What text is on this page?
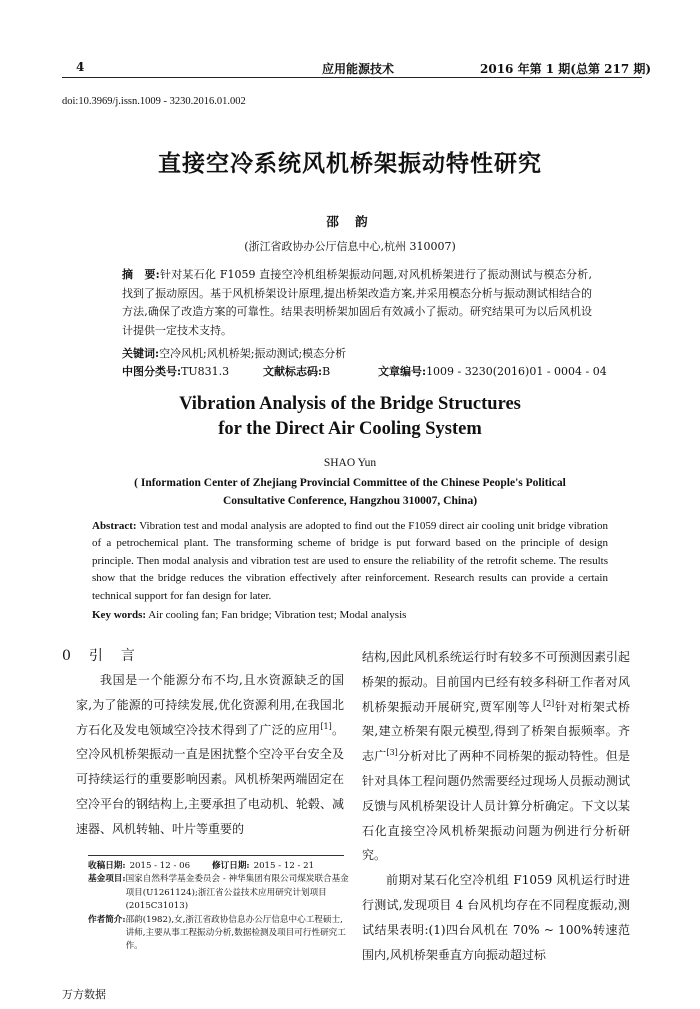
4	应用能源技术	2016 年第 1 期(总第 217 期)
doi:10.3969/j.issn.1009 - 3230.2016.01.002
直接空冷系统风机桥架振动特性研究
邵 韵
(浙江省政协办公厅信息中心,杭州 310007)
摘　要:针对某石化 F1059 直接空冷机组桥架振动问题,对风机桥架进行了振动测试与模态分析,找到了振动原因。基于风机桥架设计原理,提出桥架改造方案,并采用模态分析与振动测试相结合的方法,确保了改造方案的可靠性。结果表明桥架加固后有效减小了振动。研究结果可为以后风机设计提供一定技术支持。
关键词:空冷风机;风机桥架;振动测试;模态分析
中图分类号:TU831.3	文献标志码:B	文章编号:1009 - 3230(2016)01 - 0004 - 04
Vibration Analysis of the Bridge Structures
for the Direct Air Cooling System
SHAO Yun
( Information Center of Zhejiang Provincial Committee of the Chinese People's Political Consultative Conference, Hangzhou 310007, China)
Abstract: Vibration test and modal analysis are adopted to find out the F1059 direct air cooling unit bridge vibration of a petrochemical plant. The transforming scheme of bridge is put forward based on the principle of design principle. Then modal analysis and vibration test are used to ensure the reliability of the retrofit scheme. The results show that the bridge reduces the vibration effectively after reinforcement. Research results can provide a certain technical support for fan design for later.
Key words: Air cooling fan; Fan bridge; Vibration test; Modal analysis
0　引　言

我国是一个能源分布不均,且水资源缺乏的国家,为了能源的可持续发展,优化资源利用,在我国北方石化及发电领域空冷技术得到了广泛的应用[1]。空冷风机桥架振动一直是困扰整个空冷平台安全及可持续运行的重要影响因素。风机桥架两端固定在空冷平台的钢结构上,主要承担了电动机、轮毂、减速器、风机转轴、叶片等重要的

结构,因此风机系统运行时有较多不可预测因素引起桥架的振动。目前国内已经有较多科研工作者对风机桥架振动开展研究,贾军刚等人[2]针对桁架式桥架,建立桥架有限元模型,得到了桥架自振频率。齐志广[3]分析对比了两种不同桥架的振动特性。但是针对具体工程问题仍然需要经过现场人员振动测试反馈与风机桥架设计人员计算分析确定。下文以某石化直接空冷风机桥架振动问题为例进行分析研究。

前期对某石化空冷机组 F1059 风机运行时进行测试,发现项目 4 台风机均存在不同程度振动,测试结果表明:(1)四台风机在 70% ~ 100%转速范围内,风机桥架垂直方向振动超过标

收稿日期: 2015 - 12 - 06	修订日期: 2015 - 12 - 21
基金项目: 国家自然科学基金委员会 - 神华集团有限公司煤炭联合基金项目(U1261124);浙江省公益技术应用研究计划项目(2015C31013)
作者简介: 邵韵(1982),女,浙江省政协信息办公厅信息中心工程硕士,讲师,主要从事工程振动分析,数据检测及项目可行性研究工作。
万方数据
